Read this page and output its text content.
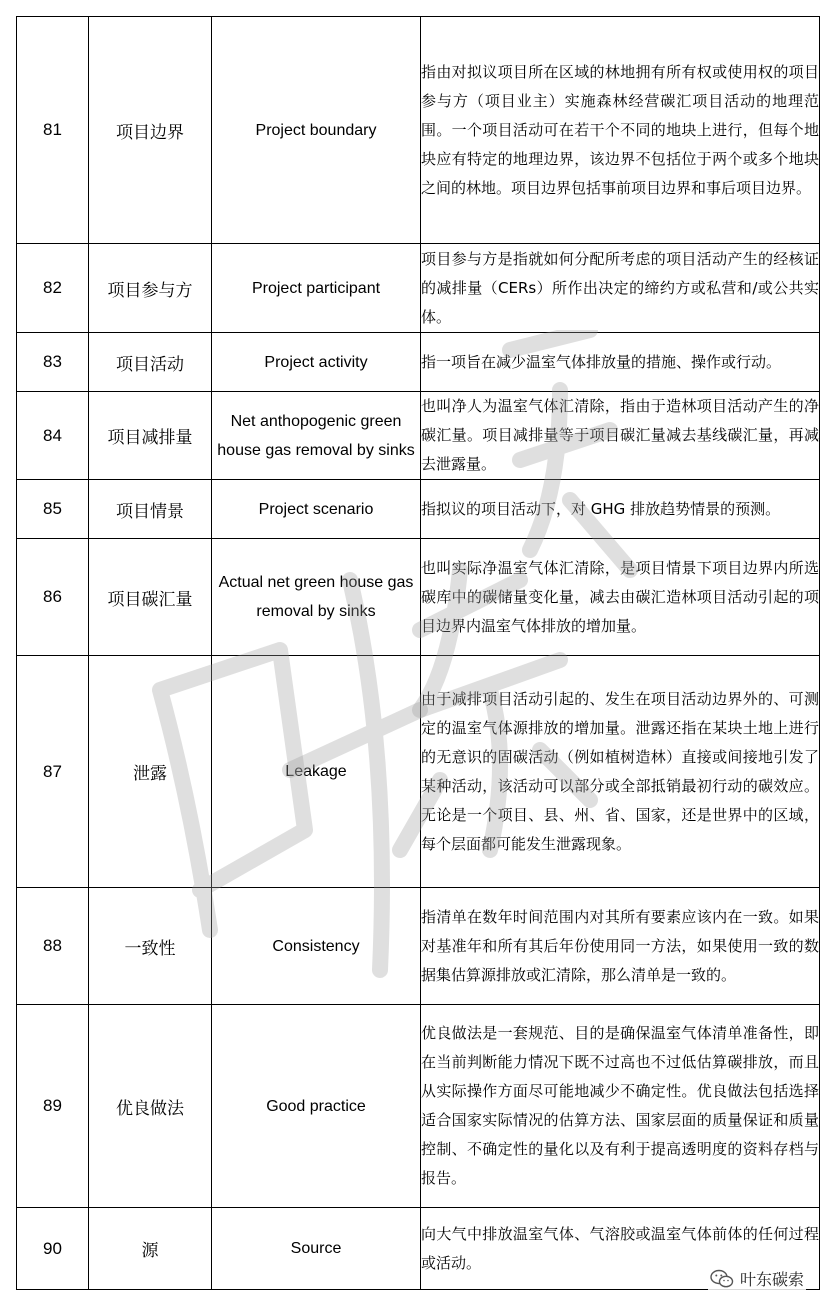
81	项目边界	Project boundary	指由对拟议项目所在区域的林地拥有所有权或使用权的项目参与方（项目业主）实施森林经营碳汇项目活动的地理范围。一个项目活动可在若干个不同的地块上进行，但每个地块应有特定的地理边界，该边界不包括位于两个或多个地块之间的林地。项目边界包括事前项目边界和事后项目边界。
82	项目参与方	Project participant	项目参与方是指就如何分配所考虑的项目活动产生的经核证的减排量（CERs）所作出决定的缔约方或私营和/或公共实体。
83	项目活动	Project activity	指一项旨在减少温室气体排放量的措施、操作或行动。
84	项目减排量	Net anthopogenic green house gas removal by sinks	也叫净人为温室气体汇清除，指由于造林项目活动产生的净碳汇量。项目减排量等于项目碳汇量减去基线碳汇量，再减去泄露量。
85	项目情景	Project scenario	指拟议的项目活动下，对 GHG 排放趋势情景的预测。
86	项目碳汇量	Actual net green house gas removal by sinks	也叫实际净温室气体汇清除，是项目情景下项目边界内所选碳库中的碳储量变化量，减去由碳汇造林项目活动引起的项目边界内温室气体排放的增加量。
87	泄露	Leakage	由于减排项目活动引起的、发生在项目活动边界外的、可测定的温室气体源排放的增加量。泄露还指在某块土地上进行的无意识的固碳活动（例如植树造林）直接或间接地引发了某种活动，该活动可以部分或全部抵销最初行动的碳效应。无论是一个项目、县、州、省、国家，还是世界中的区域，每个层面都可能发生泄露现象。
88	一致性	Consistency	指清单在数年时间范围内对其所有要素应该内在一致。如果对基准年和所有其后年份使用同一方法，如果使用一致的数据集估算源排放或汇清除，那么清单是一致的。
89	优良做法	Good practice	优良做法是一套规范、目的是确保温室气体清单准备性，即在当前判断能力情况下既不过高也不过低估算碳排放，而且从实际操作方面尽可能地减少不确定性。优良做法包括选择适合国家实际情况的估算方法、国家层面的质量保证和质量控制、不确定性的量化以及有利于提高透明度的资料存档与报告。
90	源	Source	向大气中排放温室气体、气溶胶或温室气体前体的任何过程或活动。
叶东碳索
